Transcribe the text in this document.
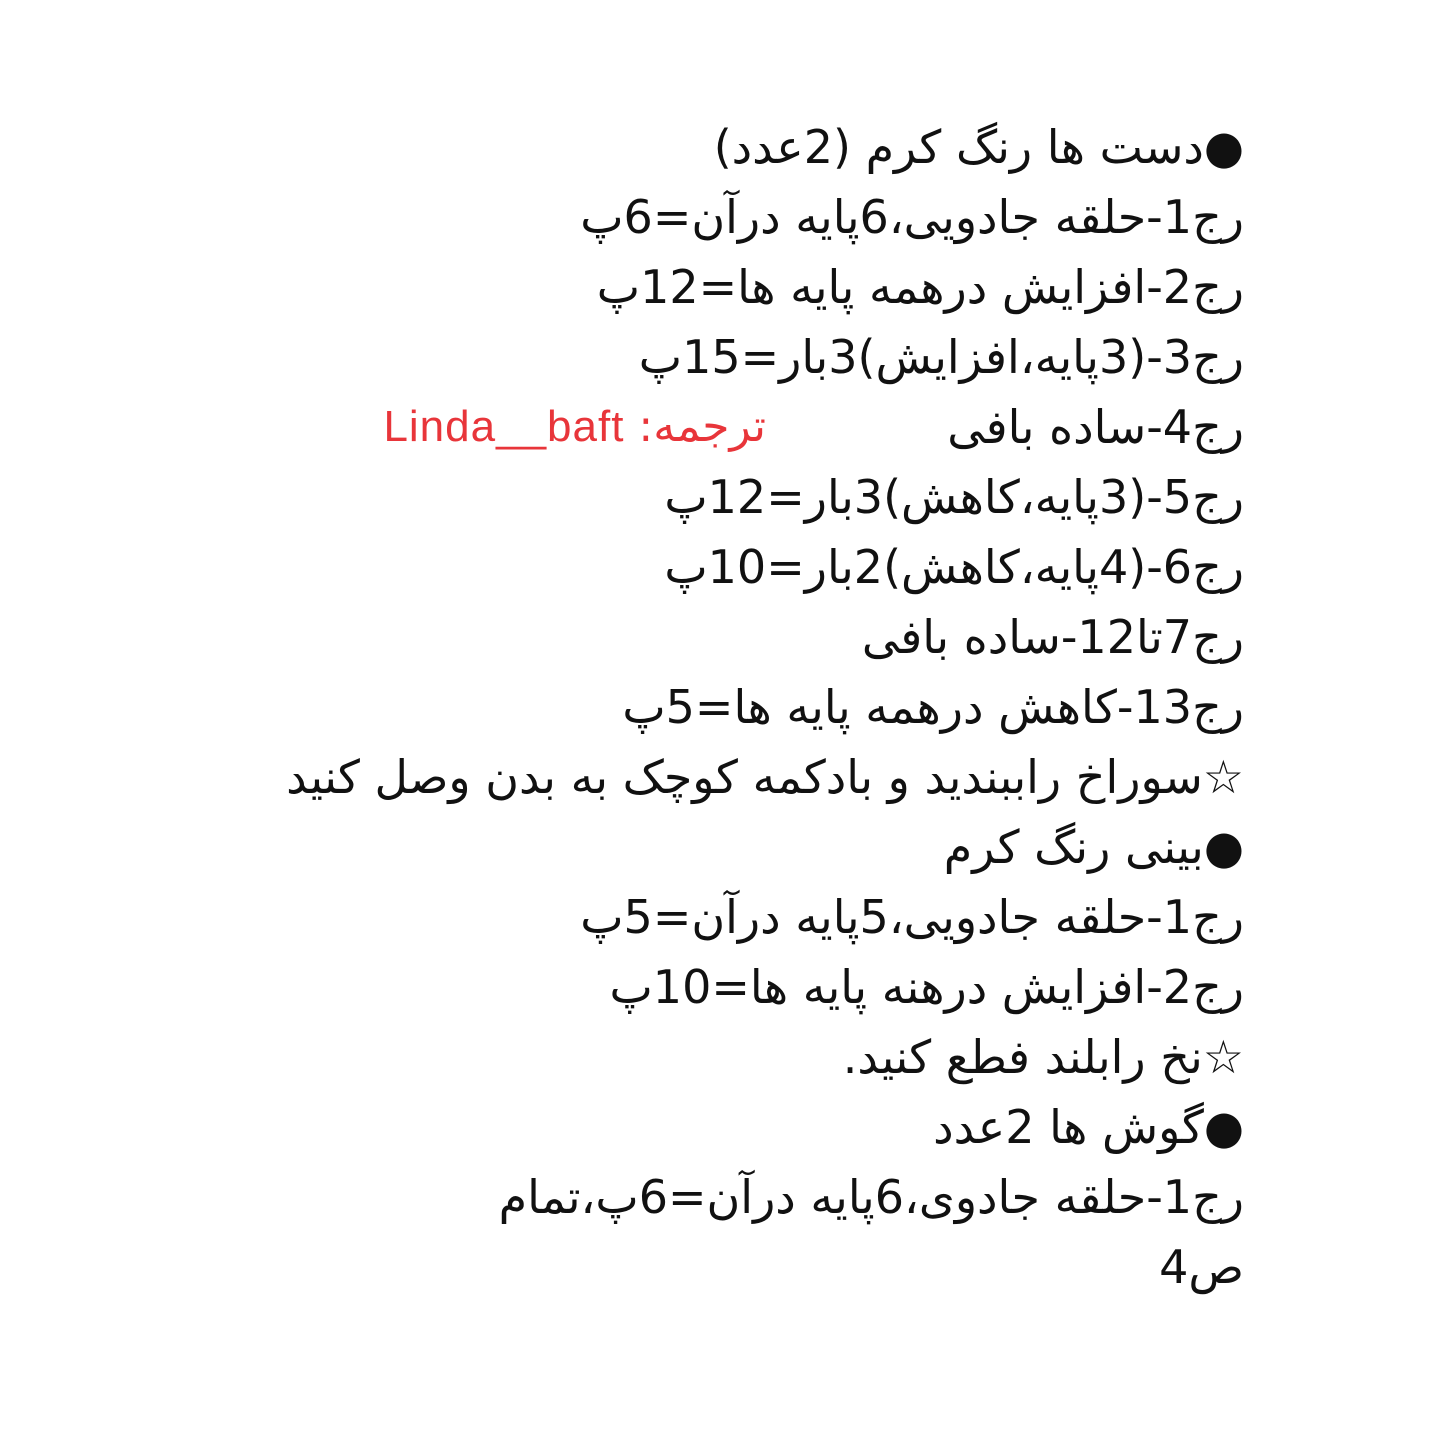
●دست ها رنگ کرم (2عدد)
رج1-حلقه جادویی،6پایه درآن=6پ
رج2-افزایش درهمه پایه ها=12پ
رج3-(3پایه،افزایش)3بار=15پ
رج4-ساده بافی
ترجمه: Linda__baft
رج5-(3پایه،کاهش)3بار=12پ
رج6-(4پایه،کاهش)2بار=10پ
رج7تا12-ساده بافی
رج13-کاهش درهمه پایه ها=5پ
☆سوراخ راببندید و بادکمه کوچک به بدن وصل کنید
●بینی رنگ کرم
رج1-حلقه جادویی،5پایه درآن=5پ
رج2-افزایش درهنه پایه ها=10پ
☆نخ رابلند فطع کنید.
●گوش ها 2عدد
رج1-حلقه جادوی،6پایه درآن=6پ،تمام
ص4
